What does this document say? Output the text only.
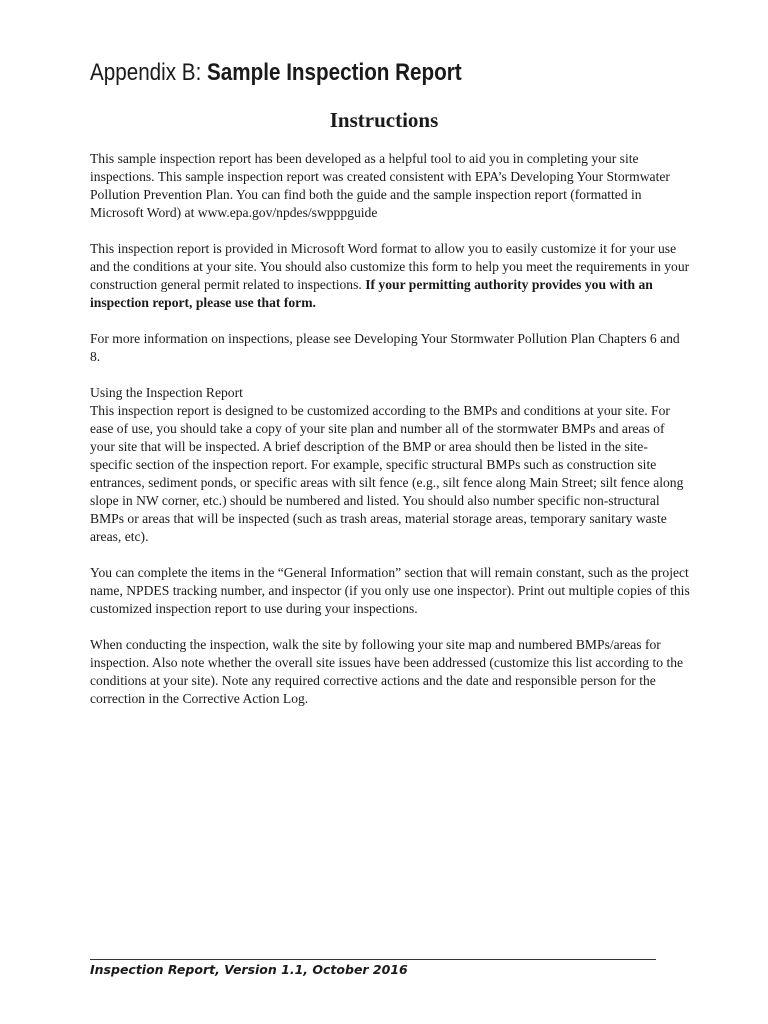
Appendix B: Sample Inspection Report
Instructions

This sample inspection report has been developed as a helpful tool to aid you in completing your site inspections. This sample inspection report was created consistent with EPA’s Developing Your Stormwater Pollution Prevention Plan. You can find both the guide and the sample inspection report (formatted in Microsoft Word) at www.epa.gov/npdes/swpppguide

This inspection report is provided in Microsoft Word format to allow you to easily customize it for your use and the conditions at your site. You should also customize this form to help you meet the requirements in your construction general permit related to inspections. If your permitting authority provides you with an inspection report, please use that form.

For more information on inspections, please see Developing Your Stormwater Pollution Plan Chapters 6 and 8.

Using the Inspection Report

This inspection report is designed to be customized according to the BMPs and conditions at your site. For ease of use, you should take a copy of your site plan and number all of the stormwater BMPs and areas of your site that will be inspected. A brief description of the BMP or area should then be listed in the site-specific section of the inspection report. For example, specific structural BMPs such as construction site entrances, sediment ponds, or specific areas with silt fence (e.g., silt fence along Main Street; silt fence along slope in NW corner, etc.) should be numbered and listed. You should also number specific non-structural BMPs or areas that will be inspected (such as trash areas, material storage areas, temporary sanitary waste areas, etc).

You can complete the items in the “General Information” section that will remain constant, such as the project name, NPDES tracking number, and inspector (if you only use one inspector). Print out multiple copies of this customized inspection report to use during your inspections.

When conducting the inspection, walk the site by following your site map and numbered BMPs/areas for inspection. Also note whether the overall site issues have been addressed (customize this list according to the conditions at your site). Note any required corrective actions and the date and responsible person for the correction in the Corrective Action Log.

Inspection Report, Version 1.1, October 2016
